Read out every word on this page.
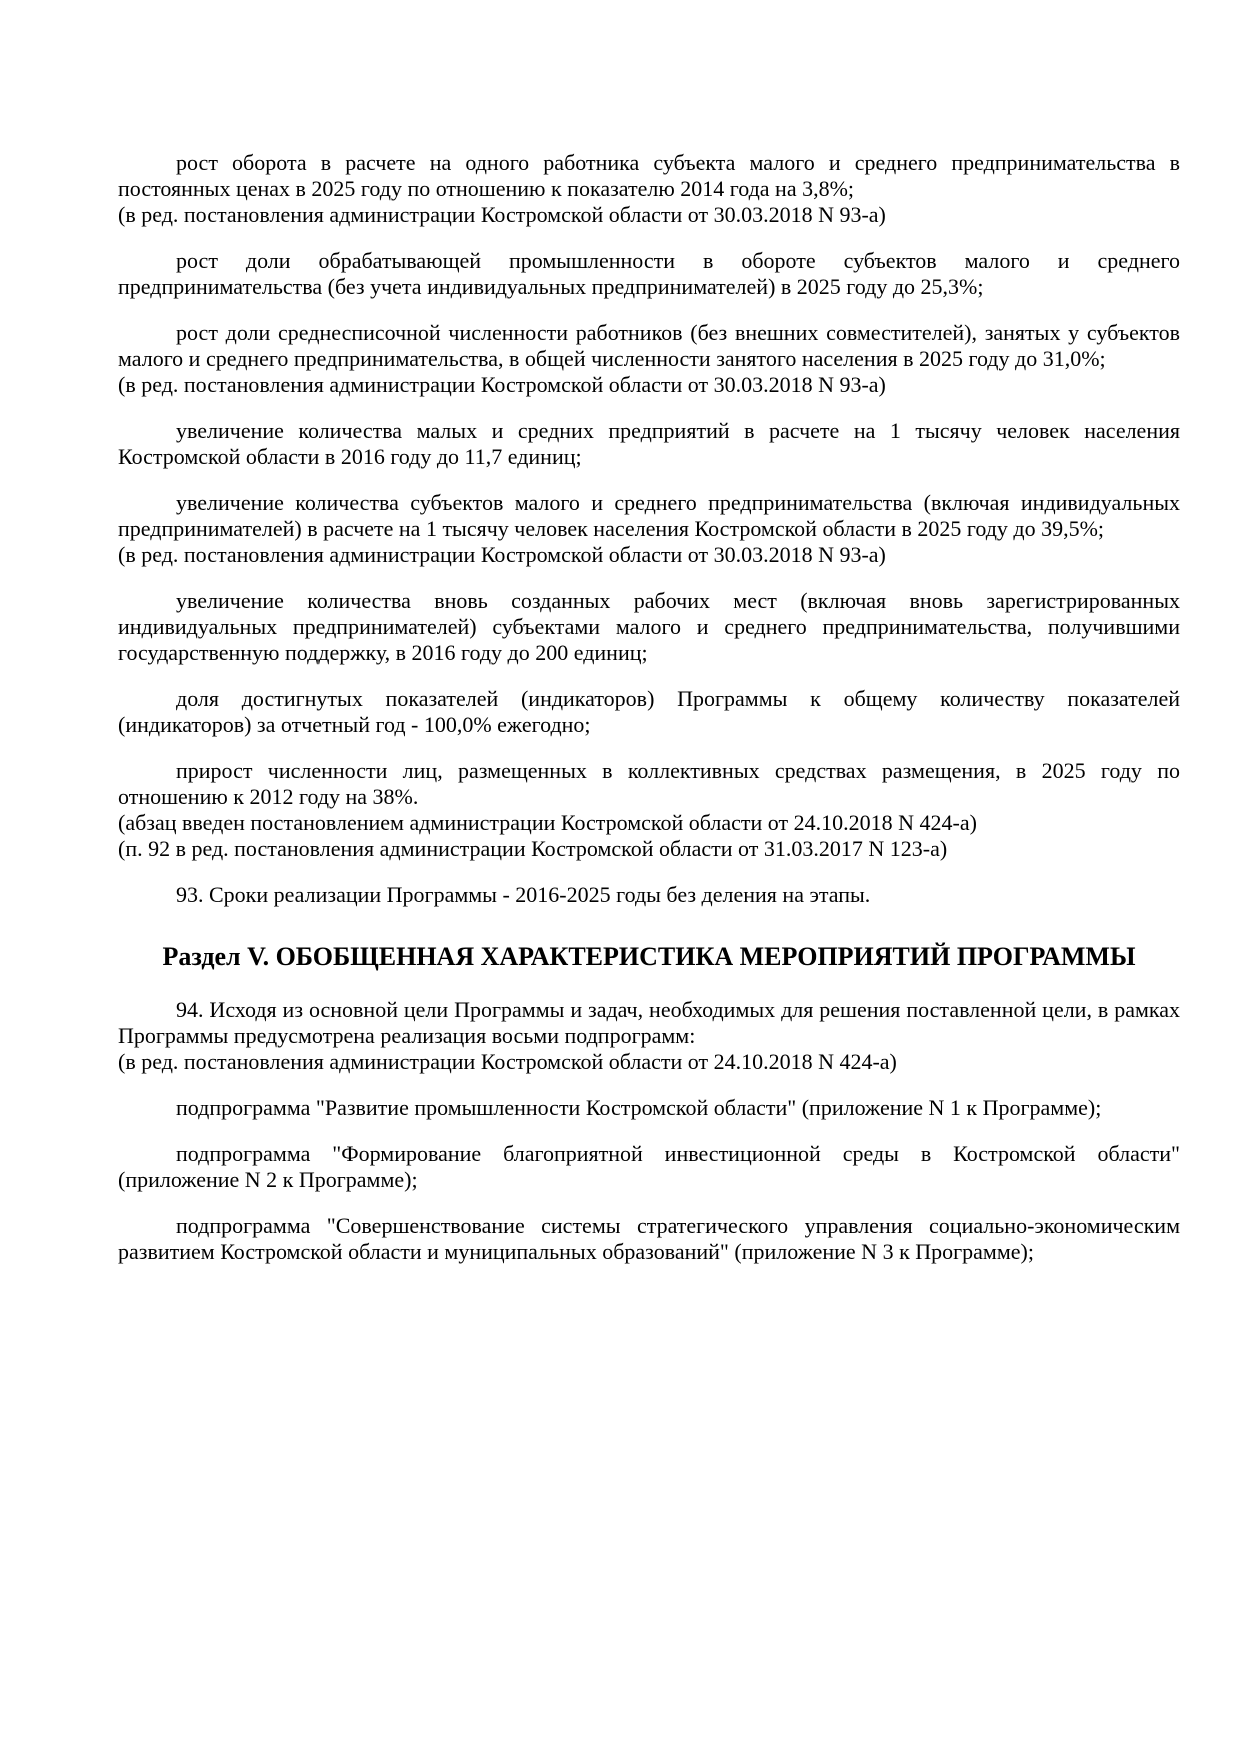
рост оборота в расчете на одного работника субъекта малого и среднего предпринимательства в постоянных ценах в 2025 году по отношению к показателю 2014 года на 3,8%;

(в ред. постановления администрации Костромской области от 30.03.2018 N 93-а)

рост доли обрабатывающей промышленности в обороте субъектов малого и среднего предпринимательства (без учета индивидуальных предпринимателей) в 2025 году до 25,3%;

рост доли среднесписочной численности работников (без внешних совместителей), занятых у субъектов малого и среднего предпринимательства, в общей численности занятого населения в 2025 году до 31,0%;

(в ред. постановления администрации Костромской области от 30.03.2018 N 93-а)

увеличение количества малых и средних предприятий в расчете на 1 тысячу человек населения Костромской области в 2016 году до 11,7 единиц;

увеличение количества субъектов малого и среднего предпринимательства (включая индивидуальных предпринимателей) в расчете на 1 тысячу человек населения Костромской области в 2025 году до 39,5%;

(в ред. постановления администрации Костромской области от 30.03.2018 N 93-а)

увеличение количества вновь созданных рабочих мест (включая вновь зарегистрированных индивидуальных предпринимателей) субъектами малого и среднего предпринимательства, получившими государственную поддержку, в 2016 году до 200 единиц;

доля достигнутых показателей (индикаторов) Программы к общему количеству показателей (индикаторов) за отчетный год - 100,0% ежегодно;

прирост численности лиц, размещенных в коллективных средствах размещения, в 2025 году по отношению к 2012 году на 38%.

(абзац введен постановлением администрации Костромской области от 24.10.2018 N 424-а)

(п. 92 в ред. постановления администрации Костромской области от 31.03.2017 N 123-а)

93. Сроки реализации Программы - 2016-2025 годы без деления на этапы.

Раздел V. ОБОБЩЕННАЯ ХАРАКТЕРИСТИКА МЕРОПРИЯТИЙ ПРОГРАММЫ

94. Исходя из основной цели Программы и задач, необходимых для решения поставленной цели, в рамках Программы предусмотрена реализация восьми подпрограмм:

(в ред. постановления администрации Костромской области от 24.10.2018 N 424-а)

подпрограмма "Развитие промышленности Костромской области" (приложение N 1 к Программе);

подпрограмма "Формирование благоприятной инвестиционной среды в Костромской области" (приложение N 2 к Программе);

подпрограмма "Совершенствование системы стратегического управления социально-экономическим развитием Костромской области и муниципальных образований" (приложение N 3 к Программе);
